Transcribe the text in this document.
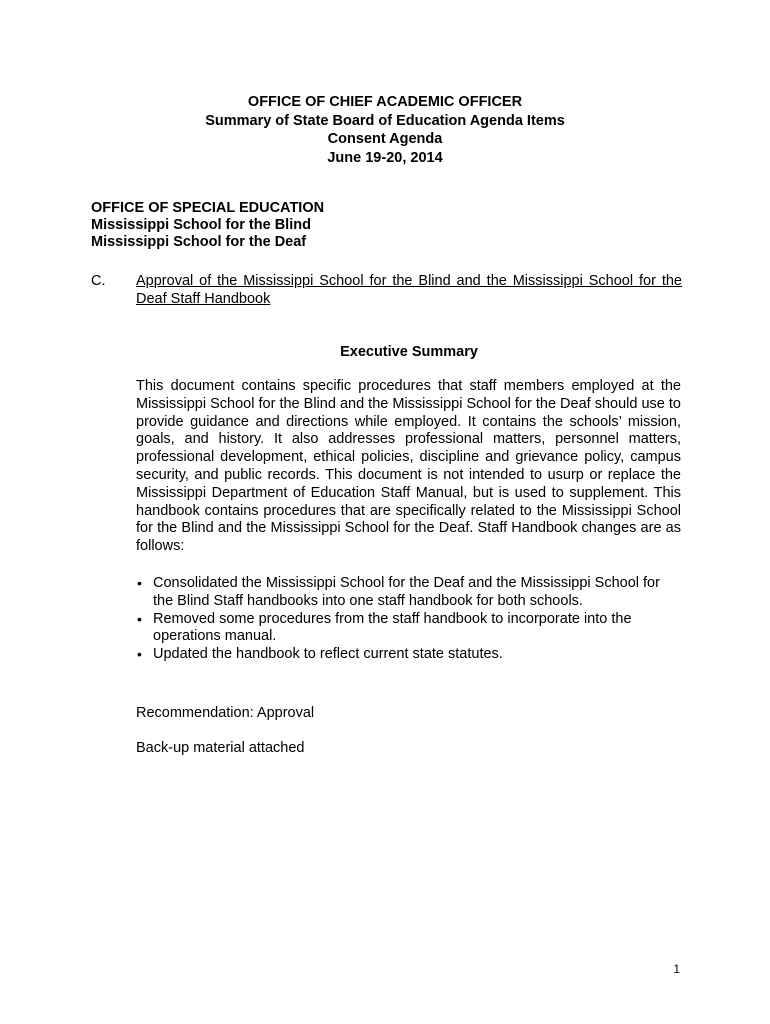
OFFICE OF CHIEF ACADEMIC OFFICER
Summary of State Board of Education Agenda Items
Consent Agenda
June 19-20, 2014
OFFICE OF SPECIAL EDUCATION
Mississippi School for the Blind
Mississippi School for the Deaf
C. Approval of the Mississippi School for the Blind and the Mississippi School for the Deaf Staff Handbook
Executive Summary

This document contains specific procedures that staff members employed at the Mississippi School for the Blind and the Mississippi School for the Deaf should use to provide guidance and directions while employed. It contains the schools’ mission, goals, and history. It also addresses professional matters, personnel matters, professional development, ethical policies, discipline and grievance policy, campus security, and public records. This document is not intended to usurp or replace the Mississippi Department of Education Staff Manual, but is used to supplement. This handbook contains procedures that are specifically related to the Mississippi School for the Blind and the Mississippi School for the Deaf. Staff Handbook changes are as follows:

• Consolidated the Mississippi School for the Deaf and the Mississippi School for the Blind Staff handbooks into one staff handbook for both schools.
• Removed some procedures from the staff handbook to incorporate into the operations manual.
• Updated the handbook to reflect current state statutes.
Recommendation: Approval
Back-up material attached
1
